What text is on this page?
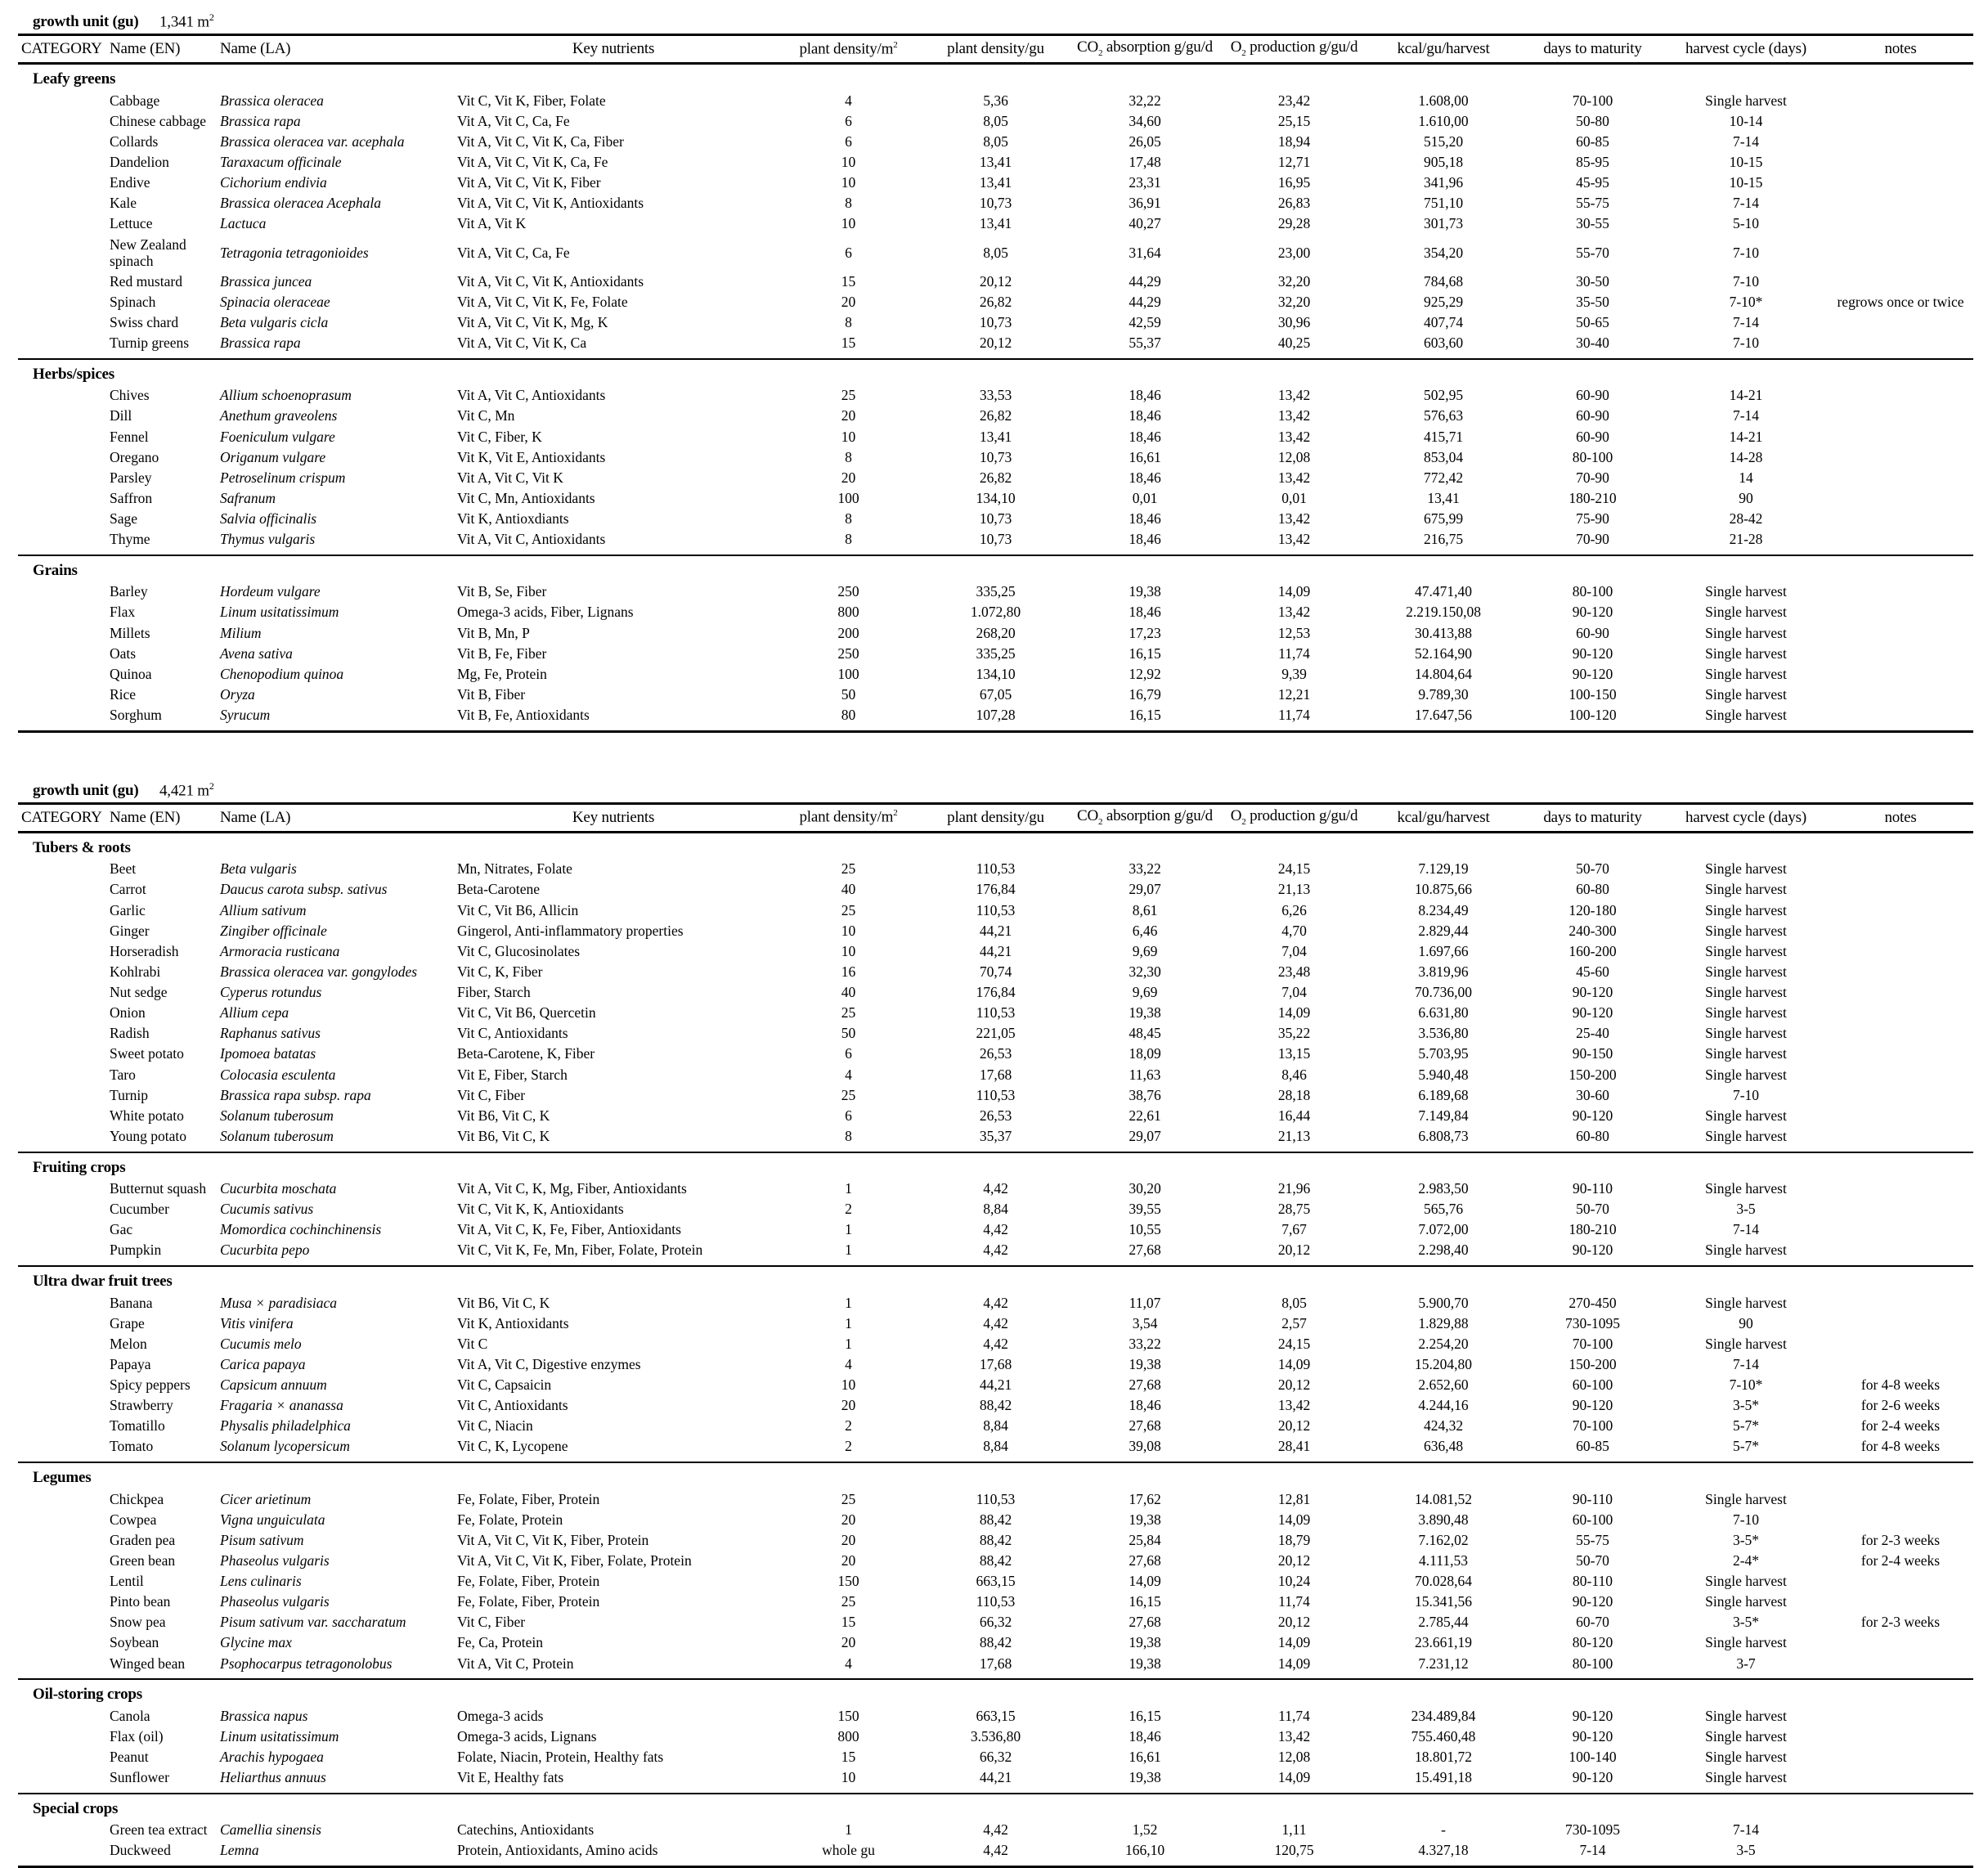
growth unit (gu)	1,341 $m^2$
CATEGORY	Name (EN)	Name (LA)	Key nutrients	plant density/$m^2$	plant density/gu	$CO_2$ absorption g/gu/d	$O_2$ production g/gu/d	kcal/gu/harvest	days to maturity	harvest cycle (days)	notes
Leafy greens											
	Cabbage	Brassica oleracea	Vit C, Vit K, Fiber, Folate	4	5,36	32,22	23,42	1.608,00	70-100	Single harvest	
	Chinese cabbage	Brassica rapa	Vit A, Vit C, Ca, Fe	6	8,05	34,60	25,15	1.610,00	50-80	10-14	
	Collards	Brassica oleracea var. acephala	Vit A, Vit C, Vit K, Ca, Fiber	6	8,05	26,05	18,94	515,20	60-85	7-14	
	Dandelion	Taraxacum officinale	Vit A, Vit C, Vit K, Ca, Fe	10	13,41	17,48	12,71	905,18	85-95	10-15	
	Endive	Cichorium endivia	Vit A, Vit C, Vit K, Fiber	10	13,41	23,31	16,95	341,96	45-95	10-15	
	Kale	Brassica oleracea Acephala	Vit A, Vit C, Vit K, Antioxidants	8	10,73	36,91	26,83	751,10	55-75	7-14	
	Lettuce	Lactuca	Vit A, Vit K	10	13,41	40,27	29,28	301,73	30-55	5-10	
	New Zealand spinach	Tetragonia tetragonioides	Vit A, Vit C, Ca, Fe	6	8,05	31,64	23,00	354,20	55-70	7-10	
	Red mustard	Brassica juncea	Vit A, Vit C, Vit K, Antioxidants	15	20,12	44,29	32,20	784,68	30-50	7-10	
	Spinach	Spinacia oleraceae	Vit A, Vit C, Vit K, Fe, Folate	20	26,82	44,29	32,20	925,29	35-50	7-10*	regrows once or twice
	Swiss chard	Beta vulgaris cicla	Vit A, Vit C, Vit K, Mg, K	8	10,73	42,59	30,96	407,74	50-65	7-14	
	Turnip greens	Brassica rapa	Vit A, Vit C, Vit K, Ca	15	20,12	55,37	40,25	603,60	30-40	7-10	

Herbs/spices											
	Chives	Allium schoenoprasum	Vit A, Vit C, Antioxidants	25	33,53	18,46	13,42	502,95	60-90	14-21	
	Dill	Anethum graveolens	Vit C, Mn	20	26,82	18,46	13,42	576,63	60-90	7-14	
	Fennel	Foeniculum vulgare	Vit C, Fiber, K	10	13,41	18,46	13,42	415,71	60-90	14-21	
	Oregano	Origanum vulgare	Vit K, Vit E, Antioxidants	8	10,73	16,61	12,08	853,04	80-100	14-28	
	Parsley	Petroselinum crispum	Vit A, Vit C, Vit K	20	26,82	18,46	13,42	772,42	70-90	14	
	Saffron	Safranum	Vit C, Mn, Antioxidants	100	134,10	0,01	0,01	13,41	180-210	90	
	Sage	Salvia officinalis	Vit K, Antioxdiants	8	10,73	18,46	13,42	675,99	75-90	28-42	
	Thyme	Thymus vulgaris	Vit A, Vit C, Antioxidants	8	10,73	18,46	13,42	216,75	70-90	21-28	

Grains											
	Barley	Hordeum vulgare	Vit B, Se, Fiber	250	335,25	19,38	14,09	47.471,40	80-100	Single harvest	
	Flax	Linum usitatissimum	Omega-3 acids, Fiber, Lignans	800	1.072,80	18,46	13,42	2.219.150,08	90-120	Single harvest	
	Millets	Milium	Vit B, Mn, P	200	268,20	17,23	12,53	30.413,88	60-90	Single harvest	
	Oats	Avena sativa	Vit B, Fe, Fiber	250	335,25	16,15	11,74	52.164,90	90-120	Single harvest	
	Quinoa	Chenopodium quinoa	Mg, Fe, Protein	100	134,10	12,92	9,39	14.804,64	90-120	Single harvest	
	Rice	Oryza	Vit B, Fiber	50	67,05	16,79	12,21	9.789,30	100-150	Single harvest	
	Sorghum	Syrucum	Vit B, Fe, Antioxidants	80	107,28	16,15	11,74	17.647,56	100-120	Single harvest	

growth unit (gu)	4,421 $m^2$
CATEGORY	Name (EN)	Name (LA)	Key nutrients	plant density/$m^2$	plant density/gu	$CO_2$ absorption g/gu/d	$O_2$ production g/gu/d	kcal/gu/harvest	days to maturity	harvest cycle (days)	notes
Tubers & roots											
	Beet	Beta vulgaris	Mn, Nitrates, Folate	25	110,53	33,22	24,15	7.129,19	50-70	Single harvest	
	Carrot	Daucus carota subsp. sativus	Beta-Carotene	40	176,84	29,07	21,13	10.875,66	60-80	Single harvest	
	Garlic	Allium sativum	Vit C, Vit B6, Allicin	25	110,53	8,61	6,26	8.234,49	120-180	Single harvest	
	Ginger	Zingiber officinale	Gingerol, Anti-inflammatory properties	10	44,21	6,46	4,70	2.829,44	240-300	Single harvest	
	Horseradish	Armoracia rusticana	Vit C, Glucosinolates	10	44,21	9,69	7,04	1.697,66	160-200	Single harvest	
	Kohlrabi	Brassica oleracea var. gongylodes	Vit C, K, Fiber	16	70,74	32,30	23,48	3.819,96	45-60	Single harvest	
	Nut sedge	Cyperus rotundus	Fiber, Starch	40	176,84	9,69	7,04	70.736,00	90-120	Single harvest	
	Onion	Allium cepa	Vit C, Vit B6, Quercetin	25	110,53	19,38	14,09	6.631,80	90-120	Single harvest	
	Radish	Raphanus sativus	Vit C, Antioxidants	50	221,05	48,45	35,22	3.536,80	25-40	Single harvest	
	Sweet potato	Ipomoea batatas	Beta-Carotene, K, Fiber	6	26,53	18,09	13,15	5.703,95	90-150	Single harvest	
	Taro	Colocasia esculenta	Vit E, Fiber, Starch	4	17,68	11,63	8,46	5.940,48	150-200	Single harvest	
	Turnip	Brassica rapa subsp. rapa	Vit C, Fiber	25	110,53	38,76	28,18	6.189,68	30-60	7-10	
	White potato	Solanum tuberosum	Vit B6, Vit C, K	6	26,53	22,61	16,44	7.149,84	90-120	Single harvest	
	Young potato	Solanum tuberosum	Vit B6, Vit C, K	8	35,37	29,07	21,13	6.808,73	60-80	Single harvest	

Fruiting crops											
	Butternut squash	Cucurbita moschata	Vit A, Vit C, K, Mg, Fiber, Antioxidants	1	4,42	30,20	21,96	2.983,50	90-110	Single harvest	
	Cucumber	Cucumis sativus	Vit C, Vit K, K, Antioxidants	2	8,84	39,55	28,75	565,76	50-70	3-5	
	Gac	Momordica cochinchinensis	Vit A, Vit C, K, Fe, Fiber, Antioxidants	1	4,42	10,55	7,67	7.072,00	180-210	7-14	
	Pumpkin	Cucurbita pepo	Vit C, Vit K, Fe, Mn, Fiber, Folate, Protein	1	4,42	27,68	20,12	2.298,40	90-120	Single harvest	

Ultra dwar fruit trees											
	Banana	Musa × paradisiaca	Vit B6, Vit C, K	1	4,42	11,07	8,05	5.900,70	270-450	Single harvest	
	Grape	Vitis vinifera	Vit K, Antioxidants	1	4,42	3,54	2,57	1.829,88	730-1095	90	
	Melon	Cucumis melo	Vit C	1	4,42	33,22	24,15	2.254,20	70-100	Single harvest	
	Papaya	Carica papaya	Vit A, Vit C, Digestive enzymes	4	17,68	19,38	14,09	15.204,80	150-200	7-14	
	Spicy peppers	Capsicum annuum	Vit C, Capsaicin	10	44,21	27,68	20,12	2.652,60	60-100	7-10*	for 4-8 weeks
	Strawberry	Fragaria × ananassa	Vit C, Antioxidants	20	88,42	18,46	13,42	4.244,16	90-120	3-5*	for 2-6 weeks
	Tomatillo	Physalis philadelphica	Vit C, Niacin	2	8,84	27,68	20,12	424,32	70-100	5-7*	for 2-4 weeks
	Tomato	Solanum lycopersicum	Vit C, K, Lycopene	2	8,84	39,08	28,41	636,48	60-85	5-7*	for 4-8 weeks

Legumes											
	Chickpea	Cicer arietinum	Fe, Folate, Fiber, Protein	25	110,53	17,62	12,81	14.081,52	90-110	Single harvest	
	Cowpea	Vigna unguiculata	Fe, Folate, Protein	20	88,42	19,38	14,09	3.890,48	60-100	7-10	
	Graden pea	Pisum sativum	Vit A, Vit C, Vit K, Fiber, Protein	20	88,42	25,84	18,79	7.162,02	55-75	3-5*	for 2-3 weeks
	Green bean	Phaseolus vulgaris	Vit A, Vit C, Vit K, Fiber, Folate, Protein	20	88,42	27,68	20,12	4.111,53	50-70	2-4*	for 2-4 weeks
	Lentil	Lens culinaris	Fe, Folate, Fiber, Protein	150	663,15	14,09	10,24	70.028,64	80-110	Single harvest	
	Pinto bean	Phaseolus vulgaris	Fe, Folate, Fiber, Protein	25	110,53	16,15	11,74	15.341,56	90-120	Single harvest	
	Snow pea	Pisum sativum var. saccharatum	Vit C, Fiber	15	66,32	27,68	20,12	2.785,44	60-70	3-5*	for 2-3 weeks
	Soybean	Glycine max	Fe, Ca, Protein	20	88,42	19,38	14,09	23.661,19	80-120	Single harvest	
	Winged bean	Psophocarpus tetragonolobus	Vit A, Vit C, Protein	4	17,68	19,38	14,09	7.231,12	80-100	3-7	

Oil-storing crops											
	Canola	Brassica napus	Omega-3 acids	150	663,15	16,15	11,74	234.489,84	90-120	Single harvest	
	Flax (oil)	Linum usitatissimum	Omega-3 acids, Lignans	800	3.536,80	18,46	13,42	755.460,48	90-120	Single harvest	
	Peanut	Arachis hypogaea	Folate, Niacin, Protein, Healthy fats	15	66,32	16,61	12,08	18.801,72	100-140	Single harvest	
	Sunflower	Heliarthus annuus	Vit E, Healthy fats	10	44,21	19,38	14,09	15.491,18	90-120	Single harvest	

Special crops											
	Green tea extract	Camellia sinensis	Catechins, Antioxidants	1	4,42	1,52	1,11	-	730-1095	7-14	
	Duckweed	Lemna	Protein, Antioxidants, Amino acids	whole gu	4,42	166,10	120,75	4.327,18	7-14	3-5	
